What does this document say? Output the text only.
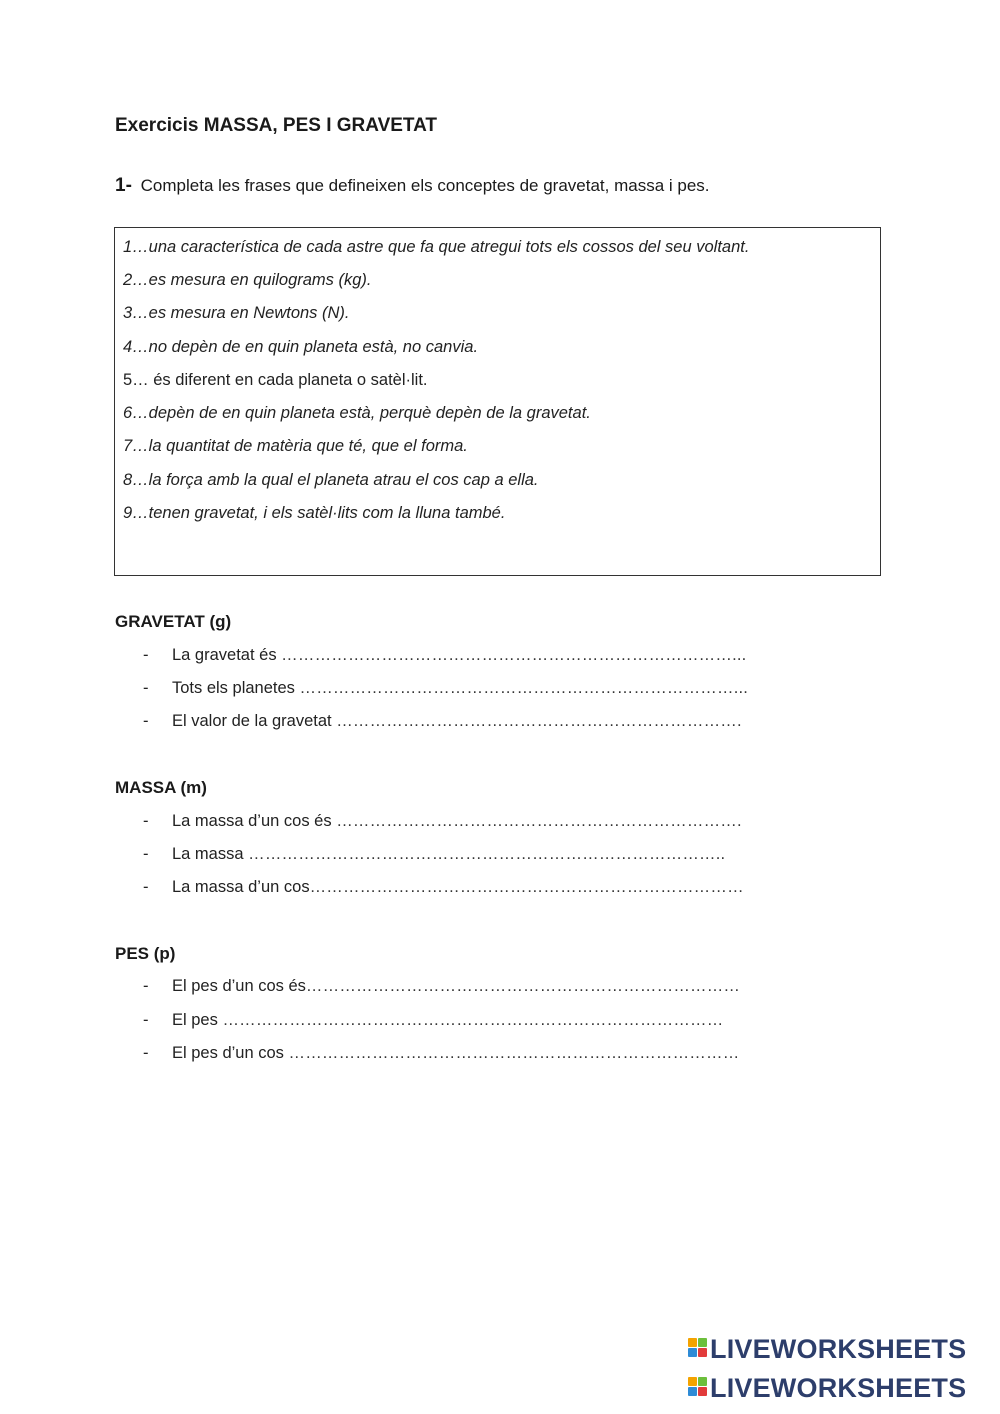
Exercicis MASSA, PES I GRAVETAT
1- Completa les frases que defineixen els conceptes de gravetat, massa i pes.
1…una característica de cada astre que fa que atregui tots els cossos del seu voltant.
2…es mesura en quilograms (kg).
3…es mesura en Newtons (N).
4…no depèn de en quin planeta està, no canvia.
5… és diferent en cada planeta o satèl·lit.
6…depèn de en quin planeta està, perquè depèn de la gravetat.
7…la quantitat de matèria que té, que el forma.
8…la força amb la qual el planeta atrau el cos cap a ella.
9…tenen gravetat, i els satèl·lits com la lluna també.
GRAVETAT (g)
- La gravetat és ………………………………………………………………………...
- Tots els planetes ……………………………………………………………………...
- El valor de la gravetat ……………………………………………………………….
MASSA (m)
- La massa d’un cos és ……………………………………………………………….
- La massa …………………………………………………………………………..
- La massa d’un cos……………………………………………………………………
PES (p)
- El pes d’un cos és……………………………………………………………………
- El pes ………………………………………………………………………………
- El pes d’un cos ………………………………………………………………………
LIVEWORKSHEETS
LIVEWORKSHEETS
